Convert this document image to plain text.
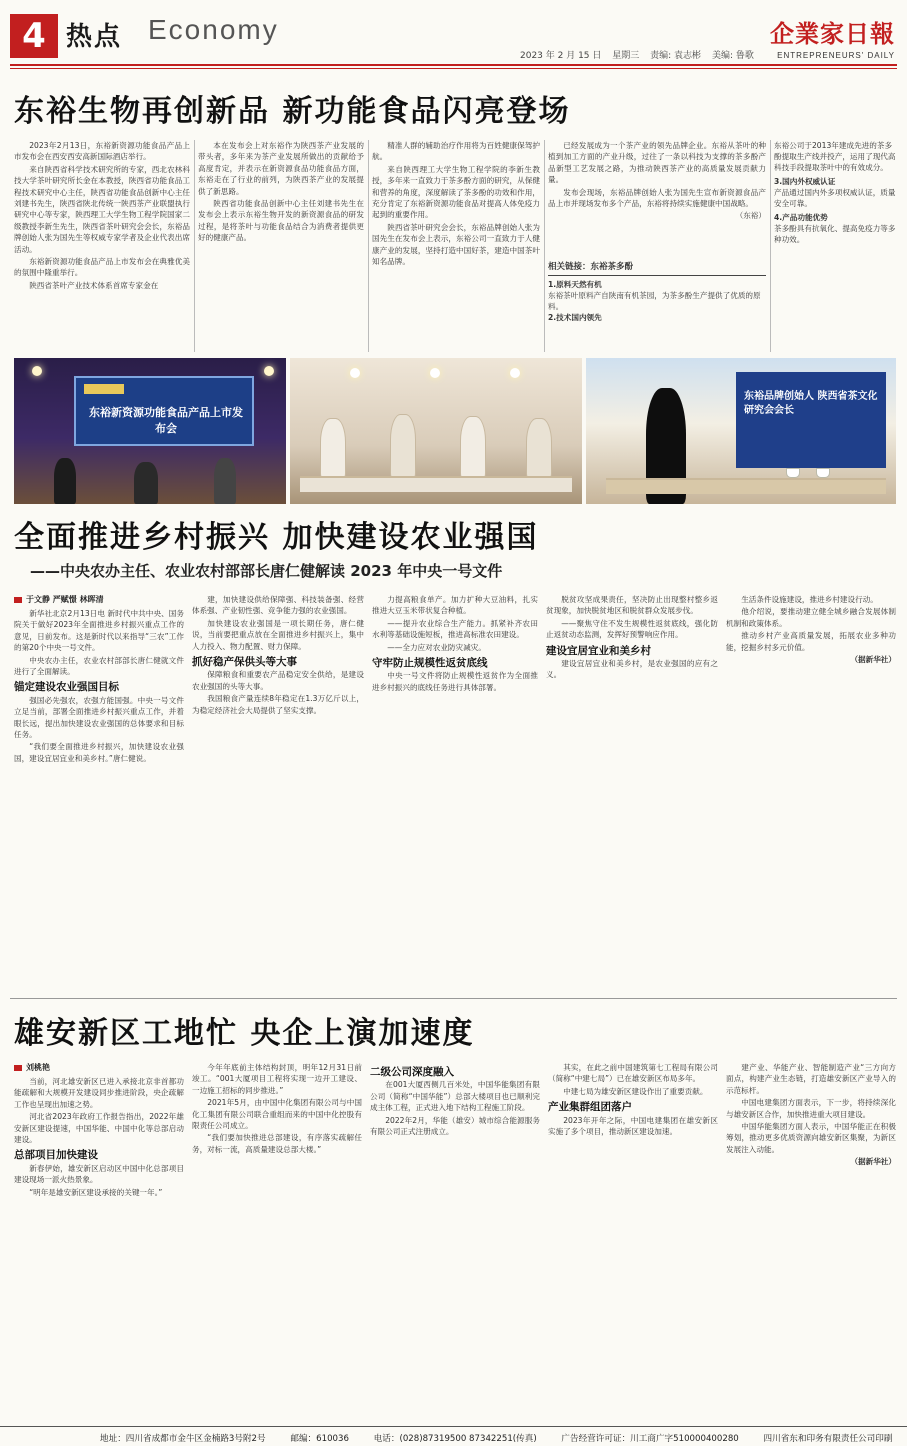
4 热点 Economy
2023 年 2 月 15 日 星期三 责编: 袁志彬 美编: 鲁歌
企業家日報
ENTREPRENEURS' DAILY
东裕生物再创新品 新功能食品闪亮登场

2023年2月13日，东裕新资源功能食品产品上市发布会在西安西安高新国际酒店举行。

来自陕西省科学技术研究所的专家，西北农林科技大学茶叶研究所长金在本教授，陕西省功能食品工程技术研究中心主任，陕西省功能食品创新中心主任刘建书先生，陕西省陕北传统一陕西茶产业联盟执行研究中心等专家，陕西理工大学生物工程学院国家二级教授李新生先生，陕西省茶叶研究会会长，东裕品牌创始人张为国先生等权威专家学者及企业代表出席活动。

东裕新资源功能食品产品上市发布会在典雅优美的氛围中隆重举行。

陕西省茶叶产业技术体系首席专家金在

本在发布会上对东裕作为陕西茶产业发展的带头者，多年来为茶产业发展所做出的贡献给予高度肯定，并表示在新资源食品功能食品方面，东裕走在了行业的前列，为陕西茶产业的发展提供了新思路。

陕西省功能食品创新中心主任刘建书先生在发布会上表示东裕生物开发的新资源食品的研发过程，是将茶叶与功能食品结合为消费者提供更好的健康产品。

精准人群的辅助治疗作用将为百姓健康保驾护航。

来自陕西理工大学生物工程学院的李新生教授，多年来一直致力于茶多酚方面的研究，从保健和营养的角度，深度解读了茶多酚的功效和作用，充分肯定了东裕新资源功能食品对提高人体免疫力起到的重要作用。

陕西省茶叶研究会会长，东裕品牌创始人张为国先生在发布会上表示，东裕公司一直致力于人健康产业的发展，坚持打造中国好茶，建造中国茶叶知名品牌。

已经发展成为一个茶产业的领先品牌企业。东裕从茶叶的种植到加工方面的产业升级，过往了一条以科技为支撑的茶多酚产品新型工艺发展之路，为推动陕西茶产业的高质量发展贡献力量。

发布会现场，东裕品牌创始人张为国先生宣布新资源食品产品上市并现场发布多个产品，东裕将持续实施健康中国战略。

（东裕）

相关链接：东裕茶多酚
1.原料天然有机
东裕茶叶原料产自陕南有机茶园，为茶多酚生产提供了优质的原料。
2.技术国内领先
东裕公司于2013年建成先进的茶多酚提取生产线并投产，运用了现代高科技手段提取茶叶中的有效成分。
3.国内外权威认证
产品通过国内外多项权威认证，质量安全可靠。
4.产品功能优势
茶多酚具有抗氧化、提高免疫力等多种功效。
东裕新资源功能食品产品上市发布会
东裕品牌创始人 陕西省茶文化研究会会长
全面推进乡村振兴 加快建设农业强国
——中央农办主任、农业农村部部长唐仁健解读 2023 年中央一号文件
于文静 严赋憬 林晖清

新华社北京2月13日电 新时代中共中央、国务院关于做好2023年全面推进乡村振兴重点工作的意见，日前发布。这是新时代以来指导“三农”工作的第20个中央一号文件。

中央农办主任，农业农村部部长唐仁健就文件进行了全面解读。

锚定建设农业强国目标

强国必先强农，农强方能国强。中央一号文件立足当前，部署全面推进乡村振兴重点工作，并着眼长远，提出加快建设农业强国的总体要求和目标任务。

“我们要全面推进乡村振兴，加快建设农业强国，建设宜居宜业和美乡村。”唐仁健说。

建，加快建设供给保障强、科技装备强、经营体系强、产业韧性强、竞争能力强的农业强国。

加快建设农业强国是一项长期任务，唐仁健说，当前要把重点放在全面推进乡村振兴上，集中人力投入、物力配置、财力保障。

抓好稳产保供头等大事

保障粮食和重要农产品稳定安全供给，是建设农业强国的头等大事。

我国粮食产量连续8年稳定在1.3万亿斤以上，为稳定经济社会大局提供了坚实支撑。

力提高粮食单产。加力扩种大豆油料，扎实推进大豆玉米带状复合种植。

——提升农业综合生产能力。抓紧补齐农田水利等基础设施短板，推进高标准农田建设。

——全力应对农业防灾减灾。

守牢防止规模性返贫底线

中央一号文件将防止规模性返贫作为全面推进乡村振兴的底线任务进行具体部署。

脱贫攻坚成果责任，坚决防止出现整村整乡返贫现象，加快脱贫地区和脱贫群众发展步伐。

——聚焦守住不发生规模性返贫底线，强化防止返贫动态监测，发挥好预警响应作用。

建设宜居宜业和美乡村

建设宜居宜业和美乡村，是农业强国的应有之义。

生活条件设施建设，推进乡村建设行动。

他介绍说，要推动建立健全城乡融合发展体制机制和政策体系。

推动乡村产业高质量发展，拓展农业多种功能，挖掘乡村多元价值。

（据新华社）

雄安新区工地忙 央企上演加速度
刘桃艳

当前，河北雄安新区已进入承接北京非首都功能疏解和大规模开发建设同步推进阶段，央企疏解工作也呈现出加速之势。

河北省2023年政府工作报告指出，2022年雄安新区建设提速，中国华能、中国中化等总部启动建设。

总部项目加快建设

新春伊始，雄安新区启动区中国中化总部项目建设现场一派火热景象。

“明年是雄安新区建设承接的关键一年。”

今年年底前主体结构封顶，明年12月31日前竣工。“001大厦项目工程将实现一边开工建设、一边施工招标的同步推进。”

2021年5月，由中国中化集团有限公司与中国化工集团有限公司联合重组而来的中国中化控股有限责任公司成立。

“我们要加快推进总部建设，有序落实疏解任务，对标一流，高质量建设总部大楼。”

二级公司深度融入

在001大厦西侧几百米处，中国华能集团有限公司（简称“中国华能”）总部大楼项目也已顺利完成主体工程，正式进入地下结构工程施工阶段。

2022年2月，华能（雄安）城市综合能源服务有限公司正式注册成立。

其实，在此之前中国建筑第七工程局有限公司（简称“中建七局”）已在雄安新区布局多年。

中建七局为雄安新区建设作出了重要贡献。

产业集群组团落户

2023年开年之际，中国电建集团在雄安新区实施了多个项目，推动新区建设加速。

建产业、华能产业、智能制造产业“三方向方面点，构建产业生态链，打造雄安新区产业导入的示范标杆。

中国电建集团方面表示，下一步，将持续深化与雄安新区合作，加快推进重大项目建设。

中国华能集团方面人表示，中国华能正在积极筹划，推动更多优质资源向雄安新区集聚，为新区发展注入动能。

（据新华社）

地址：四川省成都市金牛区金楠路3号附2号	邮编：610036	电话：(028)87319500 87342251(传真)	广告经营许可证：川工商广字510000400280	四川省东和印务有限责任公司印刷
